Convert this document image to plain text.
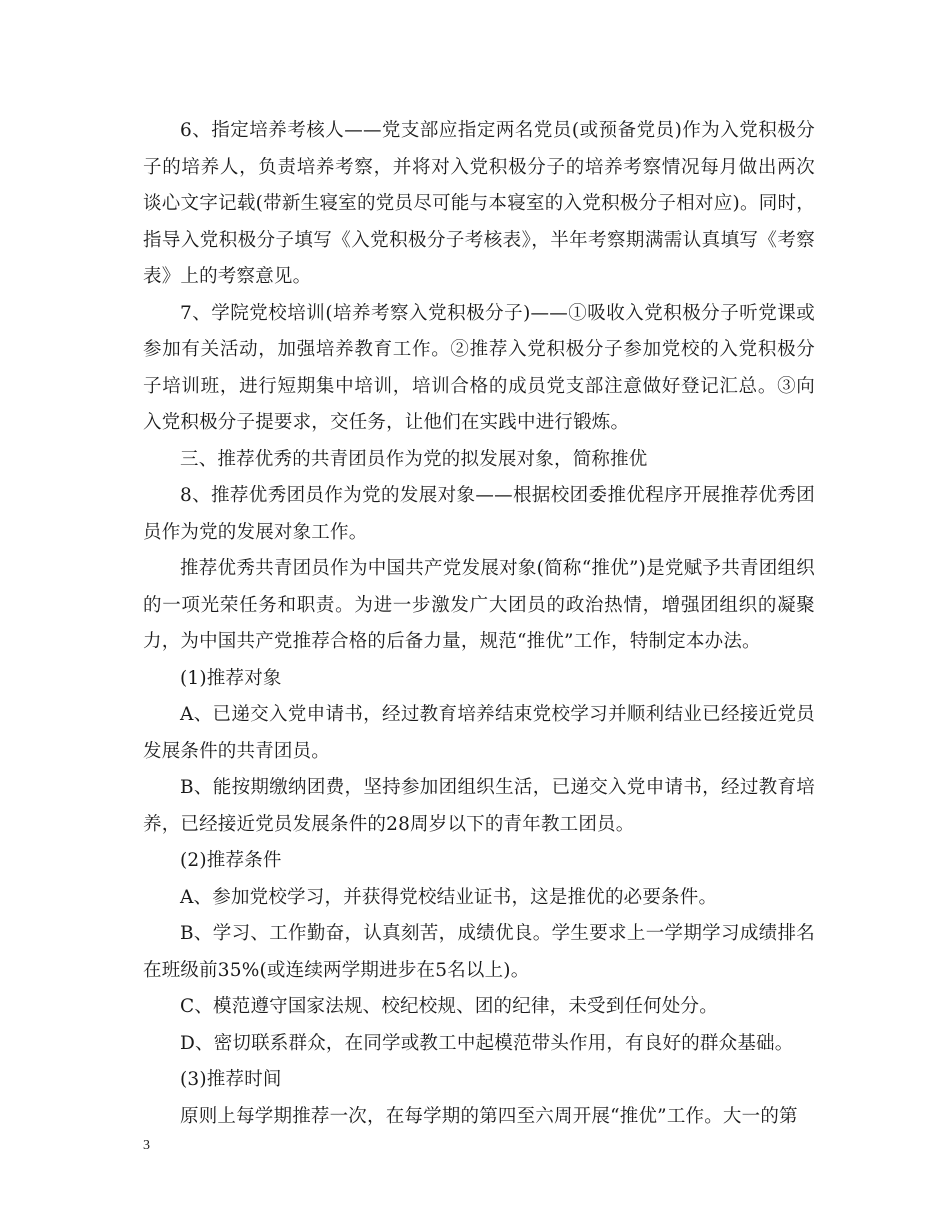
6、指定培养考核人——党支部应指定两名党员(或预备党员)作为入党积极分子的培养人，负责培养考察，并将对入党积极分子的培养考察情况每月做出两次谈心文字记载(带新生寝室的党员尽可能与本寝室的入党积极分子相对应)。同时，指导入党积极分子填写《入党积极分子考核表》，半年考察期满需认真填写《考察表》上的考察意见。

7、学院党校培训(培养考察入党积极分子)——①吸收入党积极分子听党课或参加有关活动，加强培养教育工作。②推荐入党积极分子参加党校的入党积极分子培训班，进行短期集中培训，培训合格的成员党支部注意做好登记汇总。③向入党积极分子提要求，交任务，让他们在实践中进行锻炼。

三、推荐优秀的共青团员作为党的拟发展对象，简称推优

8、推荐优秀团员作为党的发展对象——根据校团委推优程序开展推荐优秀团员作为党的发展对象工作。

推荐优秀共青团员作为中国共产党发展对象(简称“推优”)是党赋予共青团组织的一项光荣任务和职责。为进一步激发广大团员的政治热情，增强团组织的凝聚力，为中国共产党推荐合格的后备力量，规范“推优”工作，特制定本办法。

(1)推荐对象

A、已递交入党申请书，经过教育培养结束党校学习并顺利结业已经接近党员发展条件的共青团员。

B、能按期缴纳团费，坚持参加团组织生活，已递交入党申请书，经过教育培养，已经接近党员发展条件的28周岁以下的青年教工团员。

(2)推荐条件

A、参加党校学习，并获得党校结业证书，这是推优的必要条件。

B、学习、工作勤奋，认真刻苦，成绩优良。学生要求上一学期学习成绩排名在班级前35%(或连续两学期进步在5名以上)。

C、模范遵守国家法规、校纪校规、团的纪律，未受到任何处分。

D、密切联系群众，在同学或教工中起模范带头作用，有良好的群众基础。

(3)推荐时间

原则上每学期推荐一次，在每学期的第四至六周开展“推优”工作。大一的第

3
